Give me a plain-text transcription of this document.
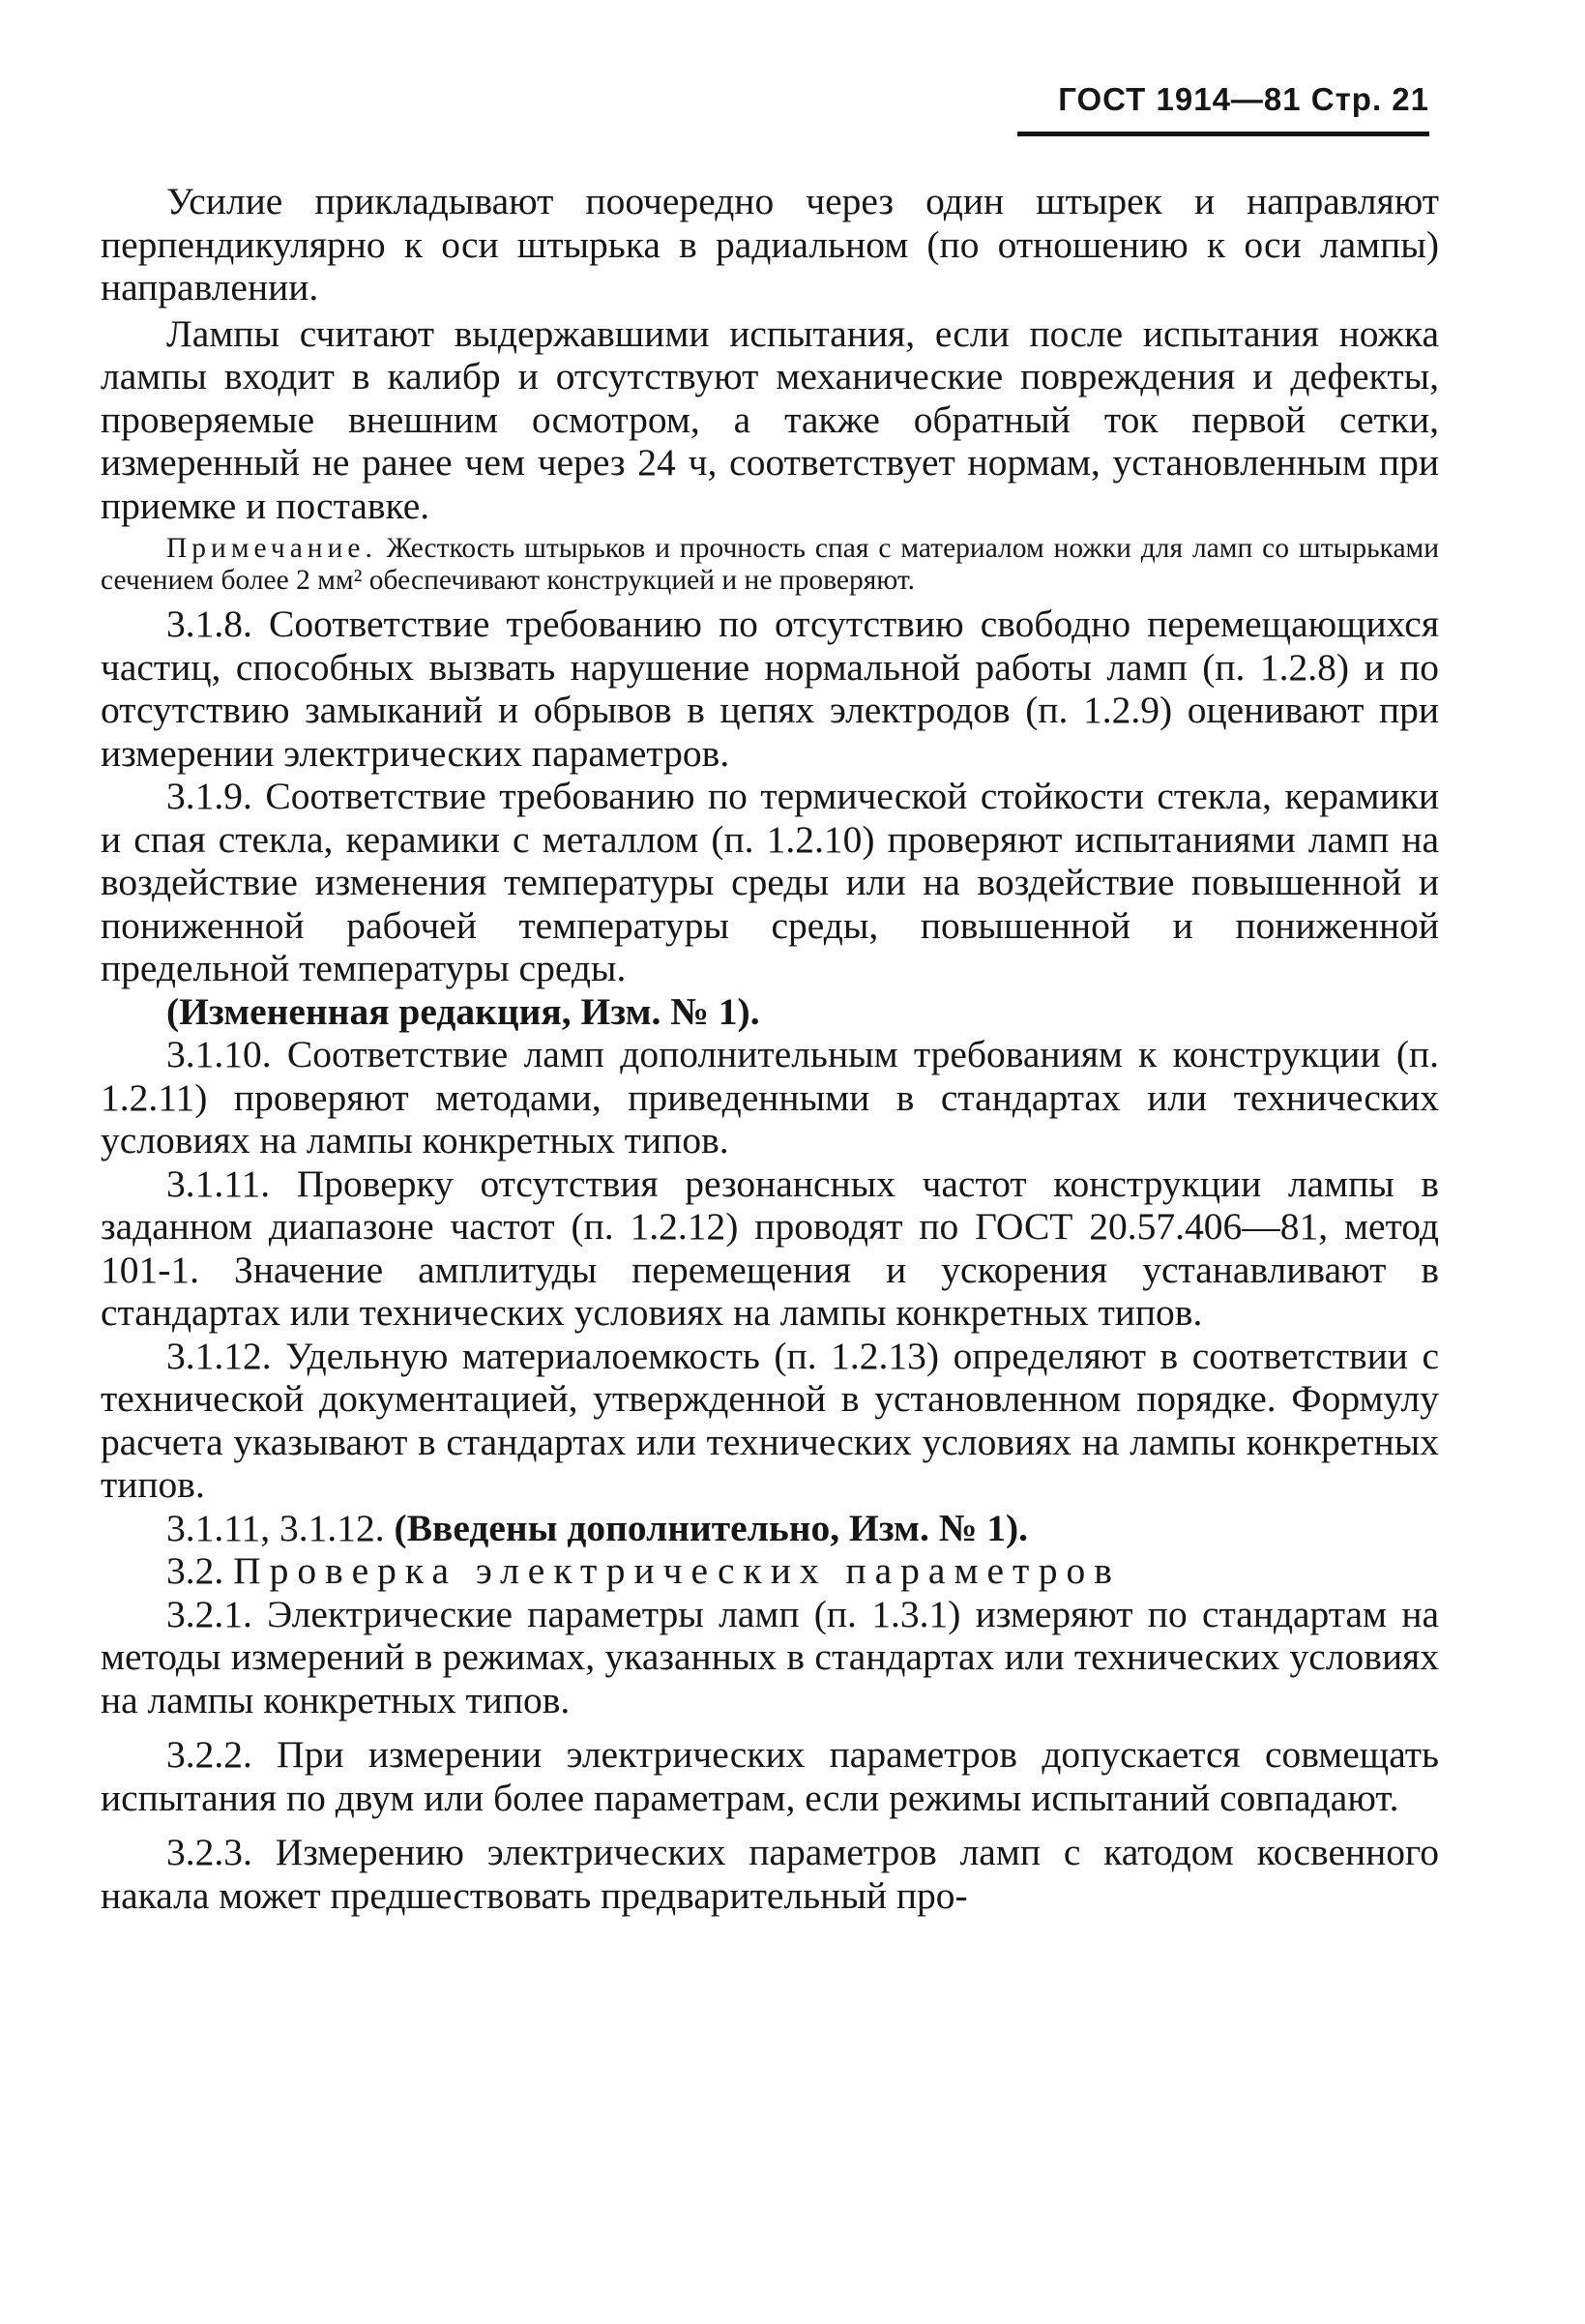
ГОСТ 1914—81 Стр. 21

Усилие прикладывают поочередно через один штырек и направляют перпендикулярно к оси штырька в радиальном (по отношению к оси лампы) направлении.

Лампы считают выдержавшими испытания, если после испытания ножка лампы входит в калибр и отсутствуют механические повреждения и дефекты, проверяемые внешним осмотром, а также обратный ток первой сетки, измеренный не ранее чем через 24 ч, соответствует нормам, установленным при приемке и поставке.

Примечание. Жесткость штырьков и прочность спая с материалом ножки для ламп со штырьками сечением более 2 мм² обеспечивают конструкцией и не проверяют.

3.1.8. Соответствие требованию по отсутствию свободно перемещающихся частиц, способных вызвать нарушение нормальной работы ламп (п. 1.2.8) и по отсутствию замыканий и обрывов в цепях электродов (п. 1.2.9) оценивают при измерении электрических параметров.

3.1.9. Соответствие требованию по термической стойкости стекла, керамики и спая стекла, керамики с металлом (п. 1.2.10) проверяют испытаниями ламп на воздействие изменения температуры среды или на воздействие повышенной и пониженной рабочей температуры среды, повышенной и пониженной предельной температуры среды.

(Измененная редакция, Изм. № 1).

3.1.10. Соответствие ламп дополнительным требованиям к конструкции (п. 1.2.11) проверяют методами, приведенными в стандартах или технических условиях на лампы конкретных типов.

3.1.11. Проверку отсутствия резонансных частот конструкции лампы в заданном диапазоне частот (п. 1.2.12) проводят по ГОСТ 20.57.406—81, метод 101-1. Значение амплитуды перемещения и ускорения устанавливают в стандартах или технических условиях на лампы конкретных типов.

3.1.12. Удельную материалоемкость (п. 1.2.13) определяют в соответствии с технической документацией, утвержденной в установленном порядке. Формулу расчета указывают в стандартах или технических условиях на лампы конкретных типов.

3.1.11, 3.1.12. (Введены дополнительно, Изм. № 1).

3.2. Проверка электрических параметров

3.2.1. Электрические параметры ламп (п. 1.3.1) измеряют по стандартам на методы измерений в режимах, указанных в стандартах или технических условиях на лампы конкретных типов.

3.2.2. При измерении электрических параметров допускается совмещать испытания по двум или более параметрам, если режимы испытаний совпадают.

3.2.3. Измерению электрических параметров ламп с катодом косвенного накала может предшествовать предварительный про-
